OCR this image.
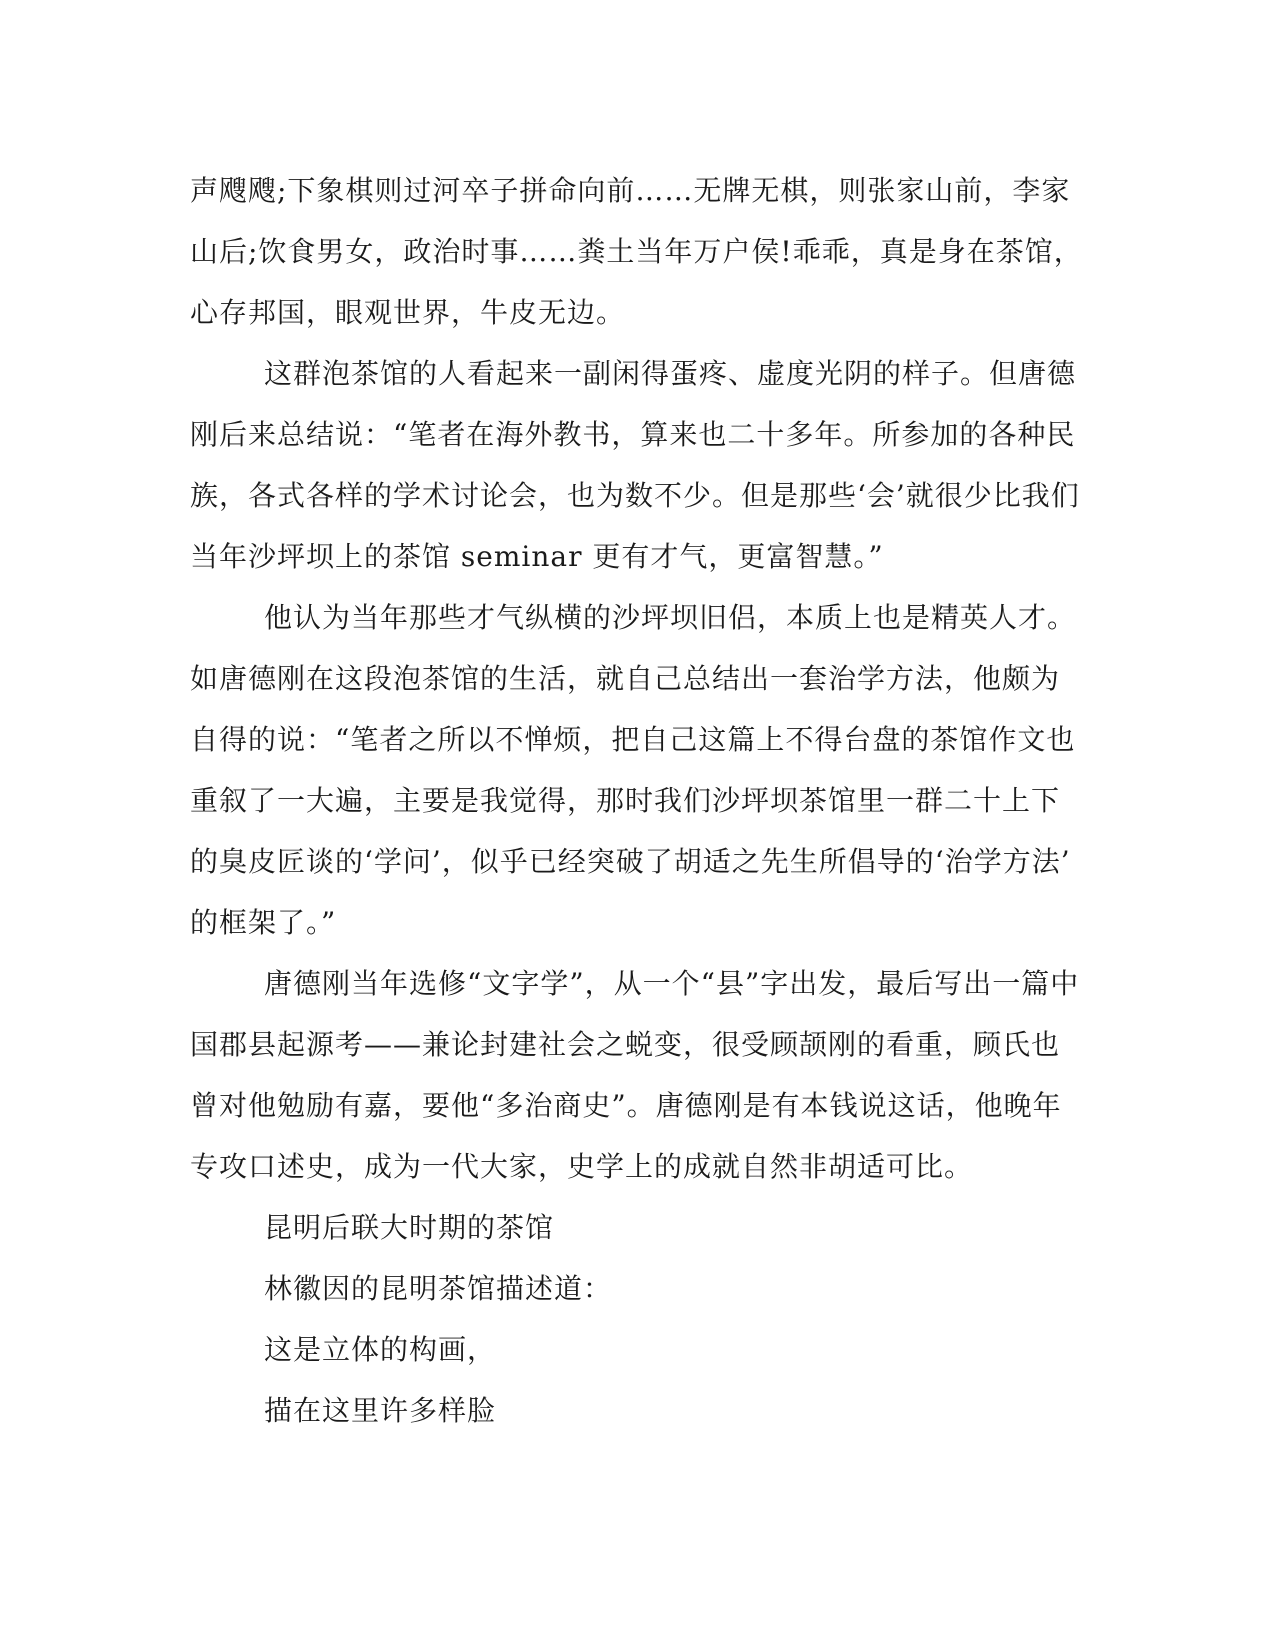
声飕飕;下象棋则过河卒子拼命向前……无牌无棋，则张家山前，李家
山后;饮食男女，政治时事……粪土当年万户侯!乖乖，真是身在茶馆，
心存邦国，眼观世界，牛皮无边。
这群泡茶馆的人看起来一副闲得蛋疼、虚度光阴的样子。但唐德
刚后来总结说：“笔者在海外教书，算来也二十多年。所参加的各种民
族，各式各样的学术讨论会，也为数不少。但是那些‘会’就很少比我们
当年沙坪坝上的茶馆 seminar 更有才气，更富智慧。”
他认为当年那些才气纵横的沙坪坝旧侣，本质上也是精英人才。
如唐德刚在这段泡茶馆的生活，就自己总结出一套治学方法，他颇为
自得的说：“笔者之所以不惮烦，把自己这篇上不得台盘的茶馆作文也
重叙了一大遍，主要是我觉得，那时我们沙坪坝茶馆里一群二十上下
的臭皮匠谈的‘学问’，似乎已经突破了胡适之先生所倡导的‘治学方法’
的框架了。”
唐德刚当年选修“文字学”，从一个“县”字出发，最后写出一篇中
国郡县起源考——兼论封建社会之蜕变，很受顾颉刚的看重，顾氏也
曾对他勉励有嘉，要他“多治商史”。唐德刚是有本钱说这话，他晚年
专攻口述史，成为一代大家，史学上的成就自然非胡适可比。
昆明后联大时期的茶馆
林徽因的昆明茶馆描述道：
这是立体的构画，
描在这里许多样脸
